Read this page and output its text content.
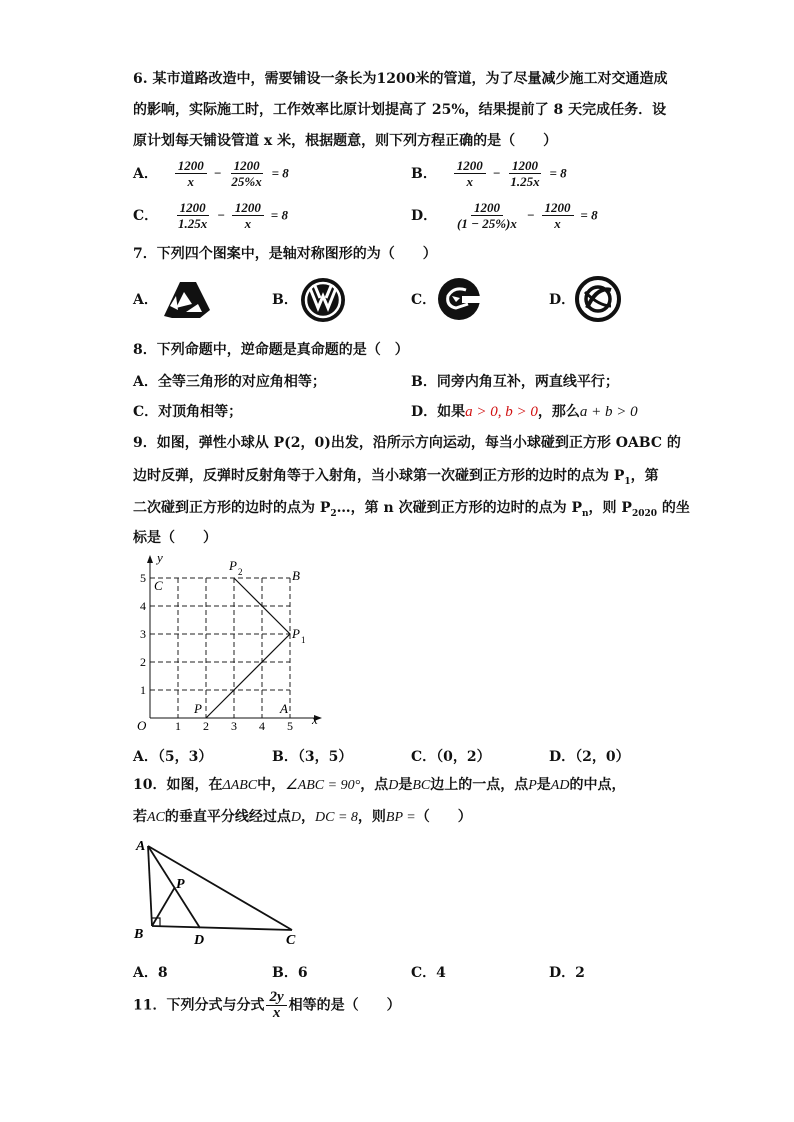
6. 某市道路改造中，需要铺设一条长为1200米的管道，为了尽量减少施工对交通造成
的影响，实际施工时，工作效率比原计划提高了 25%，结果提前了 8 天完成任务．设
原计划每天铺设管道 x 米，根据题意，则下列方程正确的是（　　）
A． $\frac{1200}{x} - \frac{1200}{25\%x} = 8$	B． $\frac{1200}{x} - \frac{1200}{1.25x} = 8$
C． $\frac{1200}{1.25x} - \frac{1200}{x} = 8$	D． $\frac{1200}{(1 - 25\%)x} - \frac{1200}{x} = 8$
7．下列四个图案中，是轴对称图形的为（　　）
A．	B．	C．	D．
8．下列命题中，逆命题是真命题的是（　）
A．全等三角形的对应角相等；	B．同旁内角互补，两直线平行；
C．对顶角相等；	D．如果a > 0, b > 0，那么a + b > 0
9．如图，弹性小球从 P(2，0)出发，沿所示方向运动，每当小球碰到正方形 OABC 的
边时反弹，反弹时反射角等于入射角，当小球第一次碰到正方形的边时的点为 $P_1$，第
二次碰到正方形的边时的点为 $P_2\dots$，第 n 次碰到正方形的边时的点为 $P_n$，则 $P_{2020}$ 的坐
标是（　　）
y
x
O 1 2 3 4 5
1
2
3
4
5 C
B
A
P
P 1
P 2
A．（5，3）	B．（3，5）	C．（0，2）	D．（2，0）
10．如图，在ΔABC中，∠ABC = 90°，点D是BC边上的一点，点P是AD的中点，
若AC的垂直平分线经过点D，DC = 8，则BP =（　　）
A
B	C
D
P
A．8	B．6	C．4	D．2
11．下列分式与分式 $\frac{2y}{x}$ 相等的是（　　）
